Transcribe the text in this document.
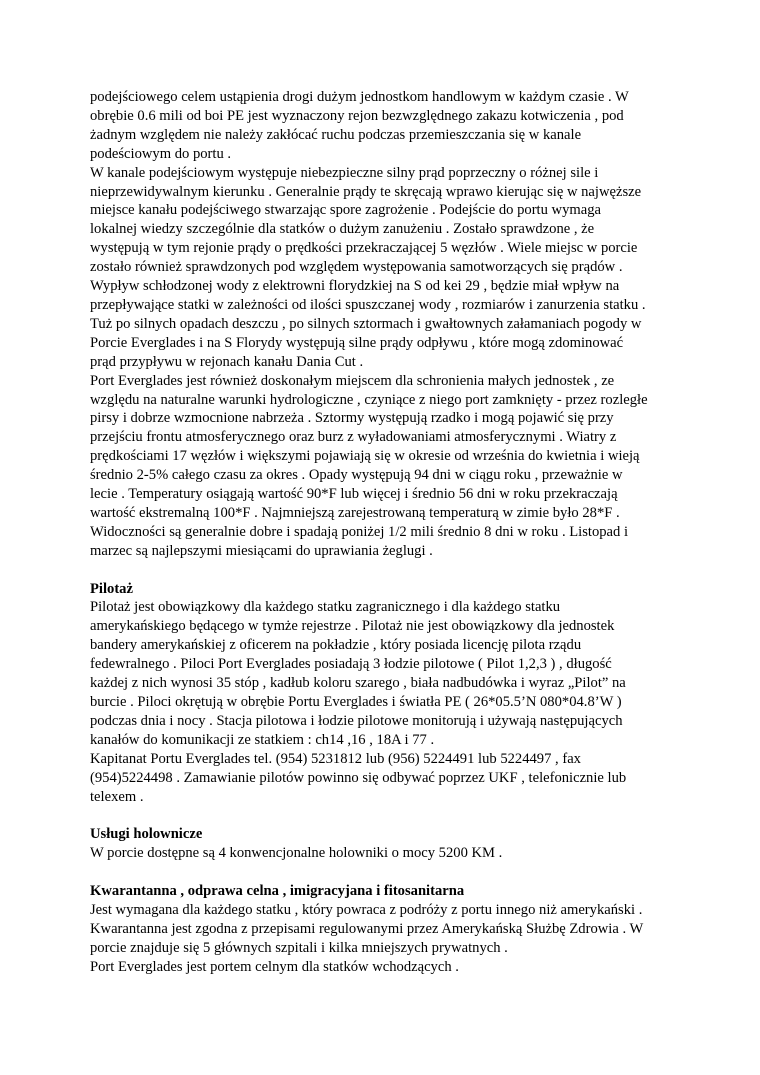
podejściowego celem ustąpienia drogi dużym jednostkom handlowym w każdym czasie . W
obrębie 0.6 mili od boi PE jest wyznaczony rejon bezwzględnego zakazu kotwiczenia , pod
żadnym względem nie należy zakłócać ruchu podczas przemieszczania się w kanale
podeściowym do portu .
W kanale podejściowym występuje niebezpieczne silny prąd poprzeczny o różnej sile i
nieprzewidywalnym kierunku . Generalnie prądy te skręcają wprawo kierując się w najwęższe
miejsce kanału podejściwego stwarzając spore zagrożenie . Podejście do portu wymaga
lokalnej wiedzy szczególnie dla statków o dużym zanużeniu . Zostało sprawdzone , że
występują w tym rejonie prądy o prędkości przekraczającej 5 węzłów . Wiele miejsc w porcie
zostało również sprawdzonych pod względem występowania samotworzących się prądów .
Wypływ schłodzonej wody z elektrowni florydzkiej na S od kei 29 , będzie miał wpływ na
przepływające statki w zależności od ilości spuszczanej wody , rozmiarów i zanurzenia statku .
Tuż po silnych opadach deszczu , po silnych sztormach i gwałtownych załamaniach pogody w
Porcie Everglades i na S Florydy występują silne prądy odpływu , które mogą zdominować
prąd przypływu w rejonach kanału Dania Cut .
Port Everglades jest również doskonałym miejscem dla schronienia małych jednostek , ze
względu na naturalne warunki hydrologiczne , czyniące z niego port zamknięty - przez rozległe
pirsy i dobrze wzmocnione nabrzeża . Sztormy występują rzadko i mogą pojawić się przy
przejściu frontu atmosferycznego oraz burz z wyładowaniami atmosferycznymi . Wiatry z
prędkościami 17 węzłów i większymi pojawiają się w okresie od września do kwietnia i wieją
średnio 2-5% całego czasu za okres . Opady występują 94 dni w ciągu roku , przeważnie w
lecie . Temperatury osiągają wartość 90*F lub więcej i średnio 56 dni w roku przekraczają
wartość ekstremalną 100*F . Najmniejszą zarejestrowaną temperaturą w zimie było 28*F .
Widoczności są generalnie dobre i spadają poniżej 1/2 mili średnio 8 dni w roku . Listopad i
marzec są najlepszymi miesiącami do uprawiania żeglugi .
Pilotaż
Pilotaż jest obowiązkowy dla każdego statku zagranicznego i dla każdego statku
amerykańskiego będącego w tymże rejestrze . Pilotaż nie jest obowiązkowy dla jednostek
bandery amerykańskiej z oficerem na pokładzie , który posiada licencję pilota rządu
fedewralnego . Piloci Port Everglades posiadają 3 łodzie pilotowe ( Pilot 1,2,3 ) , długość
każdej z nich wynosi 35 stóp , kadłub koloru szarego , biała nadbudówka i wyraz „Pilot” na
burcie . Piloci okrętują w obrębie Portu Everglades i światła PE ( 26*05.5’N 080*04.8’W )
podczas dnia i nocy . Stacja pilotowa i łodzie pilotowe monitorują i używają następujących
kanałów do komunikacji ze statkiem : ch14 ,16 , 18A i 77 .
Kapitanat Portu Everglades tel. (954) 5231812 lub (956) 5224491 lub 5224497 , fax
(954)5224498 . Zamawianie pilotów powinno się odbywać poprzez UKF , telefonicznie lub
telexem .
Usługi holownicze
W porcie dostępne są 4 konwencjonalne holowniki o mocy 5200 KM .
Kwarantanna , odprawa celna , imigracyjana i fitosanitarna
Jest wymagana dla każdego statku , który powraca z podróży z portu innego niż amerykański .
Kwarantanna jest zgodna z przepisami regulowanymi przez Amerykańską Służbę Zdrowia . W
porcie znajduje się 5 głównych szpitali i kilka mniejszych prywatnych .
Port Everglades jest portem celnym dla statków wchodzących .
